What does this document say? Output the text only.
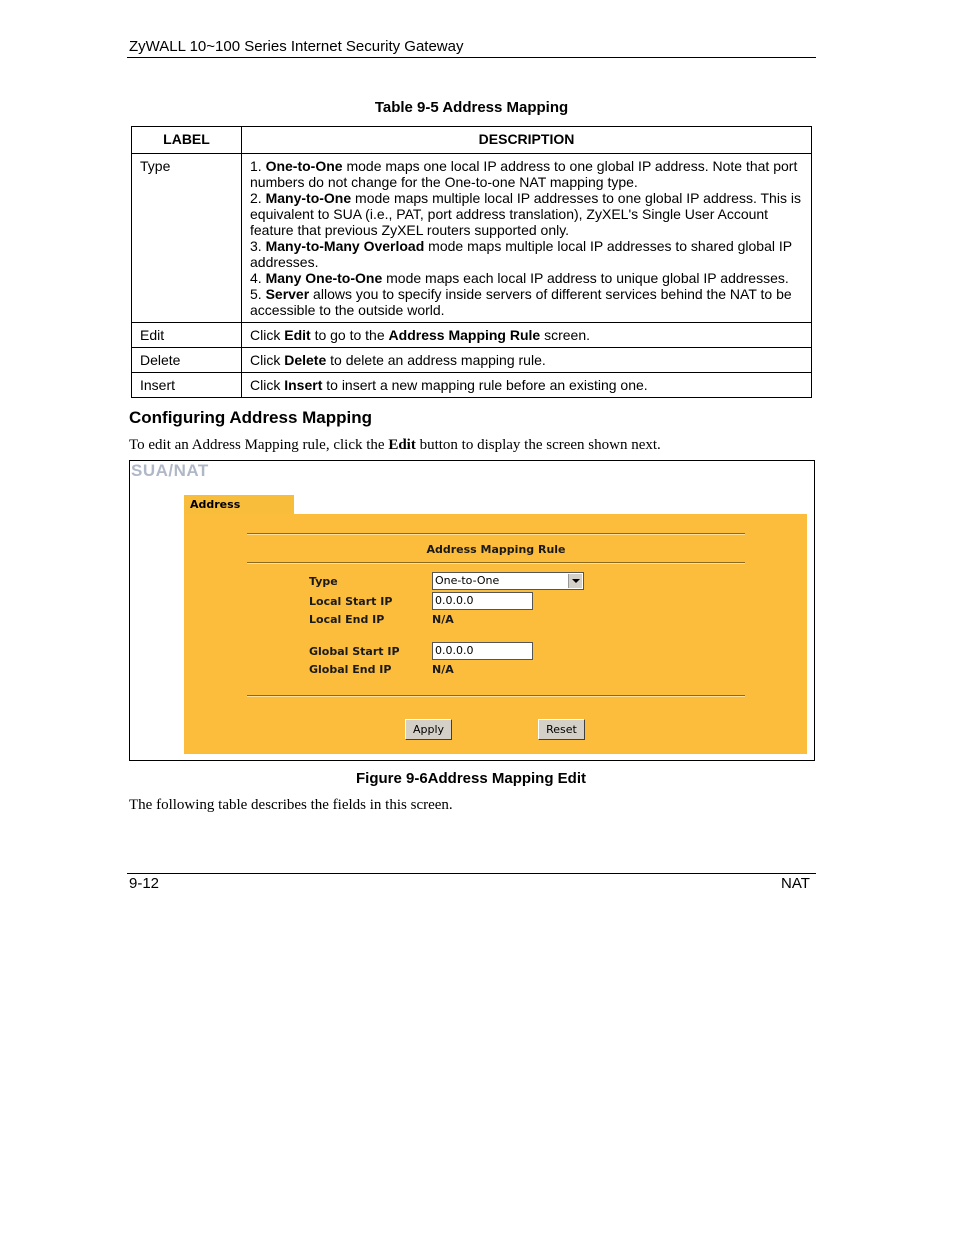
ZyWALL 10~100 Series Internet Security Gateway
Table 9-5 Address Mapping
LABEL	DESCRIPTION
Type	1. One-to-One mode maps one local IP address to one global IP address. Note that port numbers do not change for the One-to-one NAT mapping type.
2. Many-to-One mode maps multiple local IP addresses to one global IP address. This is equivalent to SUA (i.e., PAT, port address translation), ZyXEL's Single User Account feature that previous ZyXEL routers supported only.
3. Many-to-Many Overload mode maps multiple local IP addresses to shared global IP addresses.
4. Many One-to-One mode maps each local IP address to unique global IP addresses.
5. Server allows you to specify inside servers of different services behind the NAT to be accessible to the outside world.

Edit	Click Edit to go to the Address Mapping Rule screen.
Delete	Click Delete to delete an address mapping rule.
Insert	Click Insert to insert a new mapping rule before an existing one.
Configuring Address Mapping
To edit an Address Mapping rule, click the Edit button to display the screen shown next.
SUA/NAT
Address
Address Mapping Rule
Type	One-to-One
Local Start IP	0.0.0.0
Local End IP	N/A
Global Start IP	0.0.0.0
Global End IP	N/A
Apply	Reset
Figure 9-6Address Mapping Edit
The following table describes the fields in this screen.
9-12	NAT
